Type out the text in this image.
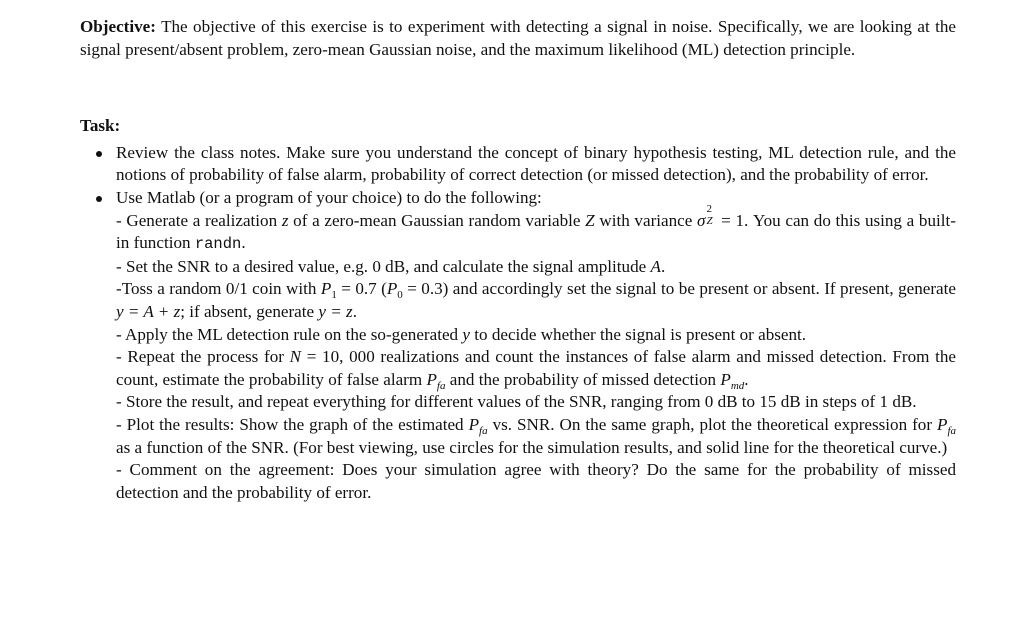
Objective: The objective of this exercise is to experiment with detecting a signal in noise. Specifically, we are looking at the signal present/absent problem, zero-mean Gaussian noise, and the maximum likelihood (ML) detection principle.

Task:
Review the class notes. Make sure you understand the concept of binary hypothesis testing, ML detection rule, and the notions of probability of false alarm, probability of correct detection (or missed detection), and the probability of error.
Use Matlab (or a program of your choice) to do the following:
- Generate a realization z of a zero-mean Gaussian random variable Z with variance σ
2
Z = 1. You can do this using a built-in function randn.
- Set the SNR to a desired value, e.g. 0 dB, and calculate the signal amplitude A.
-Toss a random 0/1 coin with $P_1 = 0.7$ $(P_0 = 0.3)$ and accordingly set the signal to be present or absent. If present, generate y = A + z; if absent, generate y = z.
- Apply the ML detection rule on the so-generated y to decide whether the signal is present or absent.
- Repeat the process for N = 10, 000 realizations and count the instances of false alarm and missed detection. From the count, estimate the probability of false alarm $P_{fa}$ and the probability of missed detection $P_{md}$.
- Store the result, and repeat everything for different values of the SNR, ranging from 0 dB to 15 dB in steps of 1 dB.
- Plot the results: Show the graph of the estimated $P_{fa}$ vs. SNR. On the same graph, plot the theoretical expression for $P_{fa}$ as a function of the SNR. (For best viewing, use circles for the simulation results, and solid line for the theoretical curve.)
- Comment on the agreement: Does your simulation agree with theory? Do the same for the probability of missed detection and the probability of error.
